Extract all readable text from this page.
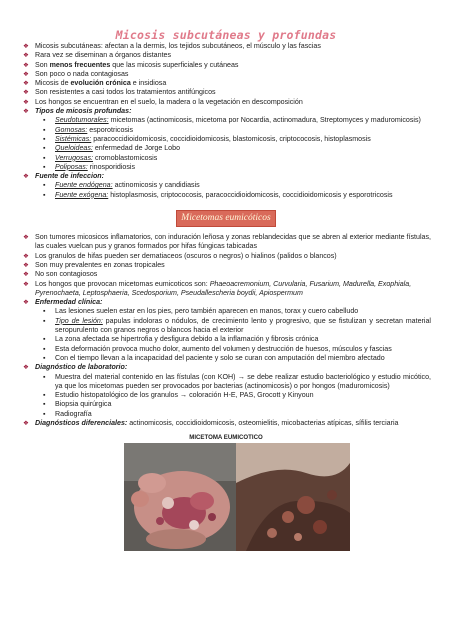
Micosis subcutáneas y profundas
❖ Micosis subcutáneas: afectan a la dermis, los tejidos subcutáneos, el músculo y las fascias
❖ Rara vez se diseminan a órganos distantes
❖ Son menos frecuentes que las micosis superficiales y cutáneas
❖ Son poco o nada contagiosas
❖ Micosis de evolución crónica e insidiosa
❖ Son resistentes a casi todos los tratamientos antifúngicos
❖ Los hongos se encuentran en el suelo, la madera o la vegetación en descomposición
❖ Tipos de micosis profundas:
▪ Seudotumorales: micetomas (actinomicosis, micetoma por Nocardia, actinomadura, Streptomyces y maduromicosis)
▪ Gomosas: esporotricosis
▪ Sistémicas: paracoccidioidomicosis, coccidioidomicosis, blastomicosis, criptococosis, histoplasmosis
▪ Queloideas: enfermedad de Jorge Lobo
▪ Verrugosas: cromoblastomicosis
▪ Poliposas: rinosporidiosis
❖ Fuente de infeccion:
▪ Fuente endógena: actinomicosis y candidiasis
▪ Fuente exógena: histoplasmosis, criptococosis, paracoccidioidomicosis, coccidioidomicosis y esporotricosis
Micetomas eumicóticos
❖ Son tumores micosicos inflamatorios, con induración leñosa y zonas reblandecidas que se abren al exterior mediante fístulas, las cuales vuelcan pus y granos formados por hifas fúngicas tabicadas
❖ Los granulos de hifas pueden ser dematiaceos (oscuros o negros) o hialinos (palidos o blancos)
❖ Son muy prevalentes en zonas tropicales
❖ No son contagiosos
❖ Los hongos que provocan micetomas eumicoticos son: Phaeoacremonium, Curvularia, Fusarium, Madurella, Exophiala, Pyrenochaeta, Leptosphaeria, Scedosporium, Pseudallescheria boydii, Apiospermum
❖ Enfermedad clínica:
▪ Las lesiones suelen estar en los pies, pero también aparecen en manos, torax y cuero cabelludo
▪ Tipo de lesión: papulas indoloras o nódulos, de crecimiento lento y progresivo, que se fistulizan y secretan material seropurulento con granos negros o blancos hacia el exterior
▪ La zona afectada se hipertrofia y desfigura debido a la inflamación y fibrosis crónica
▪ Esta deformación provoca mucho dolor, aumento del volumen y destrucción de huesos, músculos y fascias
▪ Con el tiempo llevan a la incapacidad del paciente y solo se curan con amputación del miembro afectado
❖ Diagnóstico de laboratorio:
▪ Muestra del material contenido en las fístulas (con KOH) → se debe realizar estudio bacteriológico y estudio micótico, ya que los micetomas pueden ser provocados por bacterias (actinomicosis) o por hongos (maduromicosis)
▪ Estudio histopatológico de los granulos → coloración H-E, PAS, Grocott y Kinyoun
▪ Biopsia quirúrgica
▪ Radiografía
❖ Diagnósticos diferenciales: actinomicosis, coccidioidomicosis, osteomielitis, micobacterias atípicas, sífilis terciaria
MICETOMA EUMICOTICO
